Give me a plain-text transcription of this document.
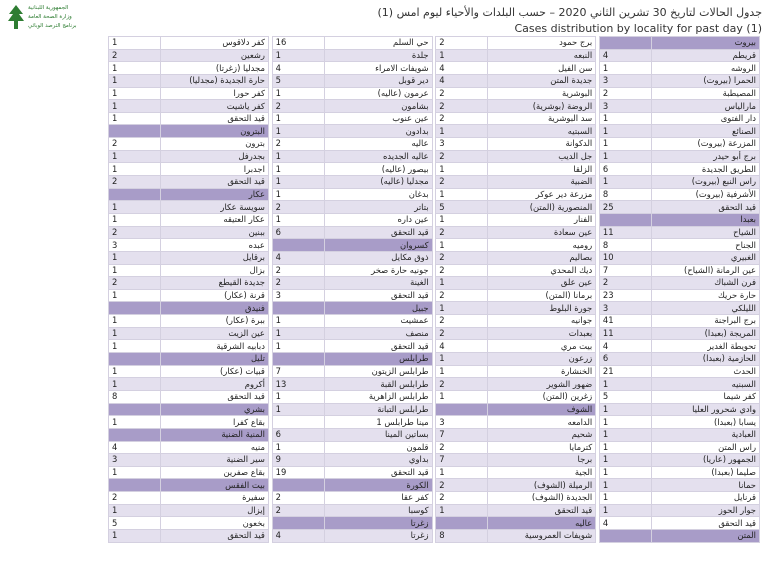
الجمهورية اللبنانية
وزارة الصحة العامة
برنامج الترصد الوبائي
جدول الحالات لتاريخ 30 تشرين الثاني 2020 – حسب البلدات والأحياء ليوم امس (1)
Cases distribution by locality for past day (1)
1	كفر دلاقوس		16	حي السلم		2	برج حمود			بيروت
2	رشعين		1	جلدة		1	النبعه		4	قريطم
1	مجدليا (زغرتا)		4	شويفات الامراء		4	سن الفيل		1	الروشه
1	حارة الجديدة (مجدليا)		5	دير قوبل		4	جديدة المتن		3	الحمرا (بيروت)
1	كفر حورا		1	عرمون (عاليه)		2	البوشرية		2	المصيطبة
1	كفر ياشيت		2	بشامون		2	الروضة (بوشرية)		3	مارالياس
1	قيد التحقق		1	عين عنوب		2	سد البوشرية		1	دار الفتوى
	البترون		1	بدادون		1	السبتيه		1	الصنائع
2	بترون		2	عاليه		3	الدكوانة		1	المزرعة (بيروت)
1	بجدرفل		1	عاليه الجديده		2	جل الديب		1	برج أبو حيدر
1	اجدبرا		1	بيصور (عاليه)		1	الزلقا		6	الطريق الجديدة
2	قيد التحقق		1	مجدليا (عاليه)		2	الضبية		1	راس النبع (بيروت)
	عكار		1	بدغان		1	مزرعة دير عوكر		8	الأشرفية (بيروت)
1	سويسة عكار		2	بتاتر		5	المنصورية (المتن)		25	قيد التحقق
1	عكار العتيقه		1	عين داره		1	الفنار			بعبدا
2	ببنين		6	قيد التحقق		2	عين سعادة		11	الشياح
3	عبده			كسروان		1	روميه		8	الجناح
1	برقايل		4	ذوق مكايل		2	بصاليم		10	الغبيري
1	بزال		2	جونيه حارة صخر		2	ديك المحدي		7	عين الرمانة (الشياح)
2	جديدة القيطع		2	الغينة		1	عين علق		2	فرن الشباك
1	قرنة (عكار)		3	قيد التحقق		2	برمانا (المتن)		23	حارة حريك
	فنيدق			جبيل		1	جورة البلوط		3	الليلكي
1	ببرة (عكار)		1	عمشيت		2	جوانيه		41	برج البراجنة
1	عين الزيت		1	منصف		2	بعبدات		11	المريجة (بعبدا)
1	دبابيه الشرقية		1	قيد التحقق		4	بيت مري		4	تحويطة الغدير
	تليل			طرابلس		1	زرعون		6	الحازمية (بعبدا)
1	قبيات (عكار)		7	طرابلس الزيتون		1	الخنشارة		21	الحدث
1	أكروم		13	طرابلس القبة		2	ضهور الشوير		1	السبنيه
8	قيد التحقق		1	طرابلس الزاهرية		1	زغرين (المتن)		5	كفر شيما
	بشري		1	طرابلس التبانة			الشوف		1	وادي شحرور العليا
1	بقاع كفرا			مينا طرابلس 1		3	الدامعه		1	يسابا (بعبدا)
	المنية الضنية		6	بساتين المينا		7	شحيم		1	العبادية
4	منيه		1	قلمون		2	كترمايا		1	راس المتن
3	سير الضنية		9	بداوي		7	برجا		1	الجمهور (عاريا)
1	بقاع صفرين		19	قيد التحقق		1	الجية		1	صليما (بعبدا)
	بيت الفقس			الكورة		2	الرميلة (الشوف)		1	حمانا
2	سفيرة		2	كفر عقا		2	الجديدة (الشوف)		1	قرنايل
1	إيزال		2	كوسبا		1	قيد التحقق		1	جوار الحوز
5	بخعون			زغرتا			عاليه		4	قيد التحقق
1	قيد التحقق		4	زغرتا		8	شويفات العمروسية			المتن
